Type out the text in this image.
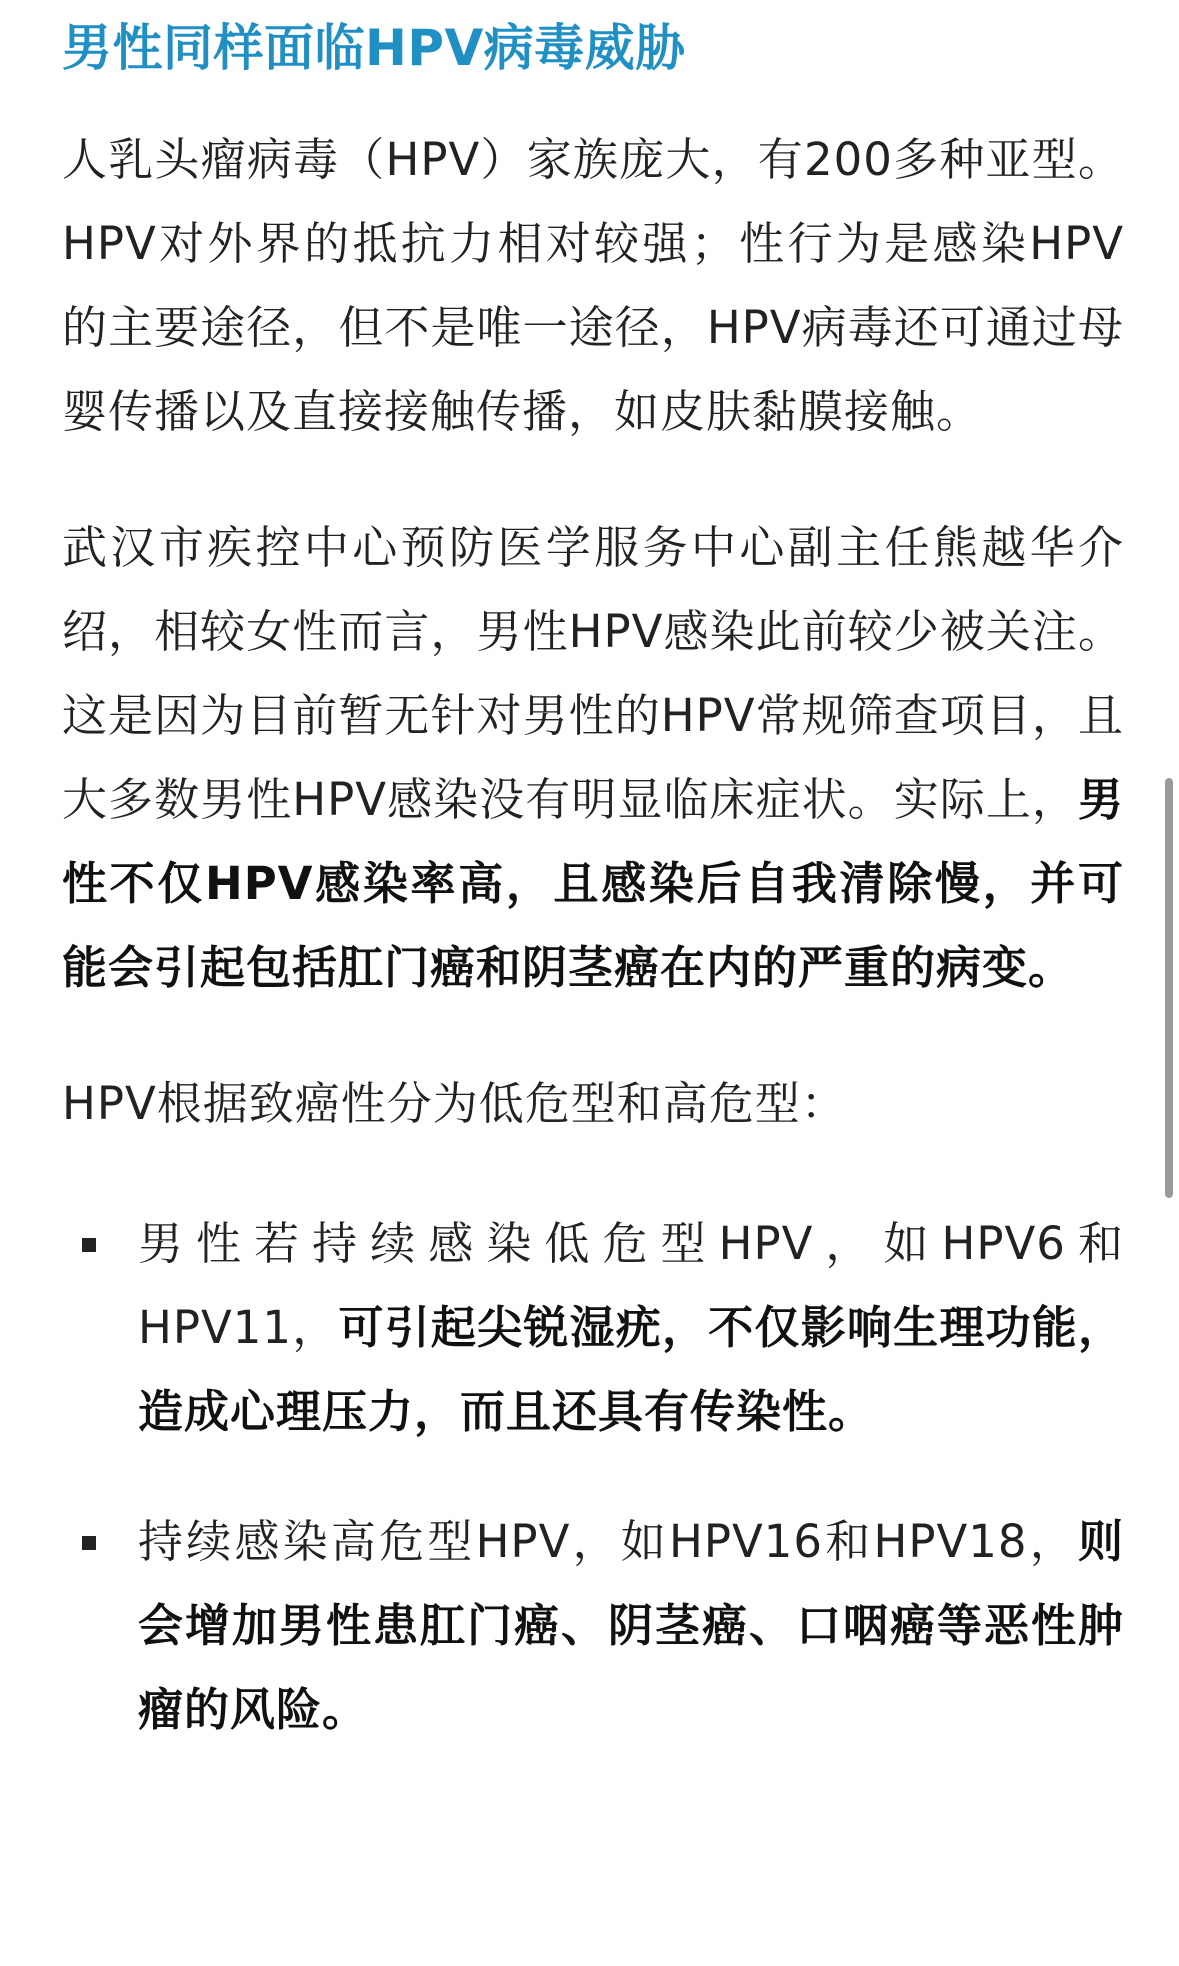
男性同样面临HPV病毒威胁

人乳头瘤病毒（HPV）家族庞大，有200多种亚型。HPV对外界的抵抗力相对较强；性行为是感染HPV的主要途径，但不是唯一途径，HPV病毒还可通过母婴传播以及直接接触传播，如皮肤黏膜接触。

武汉市疾控中心预防医学服务中心副主任熊越华介绍，相较女性而言，男性HPV感染此前较少被关注。这是因为目前暂无针对男性的HPV常规筛查项目，且大多数男性HPV感染没有明显临床症状。实际上，男性不仅HPV感染率高，且感染后自我清除慢，并可能会引起包括肛门癌和阴茎癌在内的严重的病变。

HPV根据致癌性分为低危型和高危型：

男性若持续感染低危型HPV，如HPV6和HPV11，可引起尖锐湿疣，不仅影响生理功能，造成心理压力，而且还具有传染性。
持续感染高危型HPV，如HPV16和HPV18，则会增加男性患肛门癌、阴茎癌、口咽癌等恶性肿瘤的风险。
